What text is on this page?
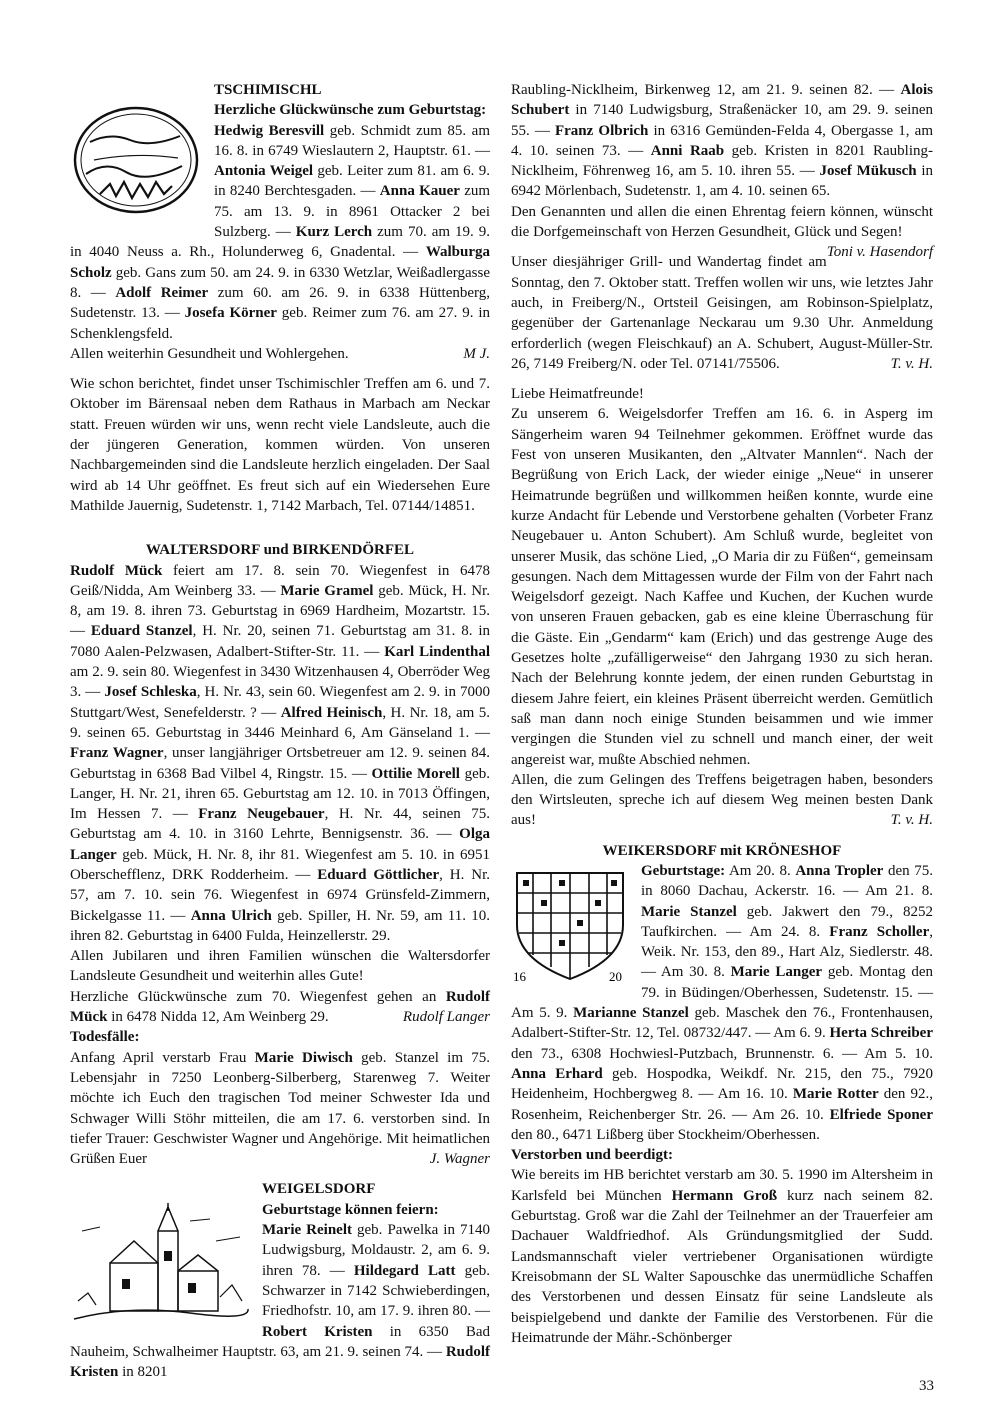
TSCHIMISCHL
Herzliche Glückwünsche zum Geburtstag:

Hedwig Beresvill geb. Schmidt zum 85. am 16. 8. in 6749 Wieslautern 2, Hauptstr. 61. — Antonia Weigel geb. Leiter zum 81. am 6. 9. in 8240 Berchtesgaden. — Anna Kauer zum 75. am 13. 9. in 8961 Ottacker 2 bei Sulzberg. — Kurz Lerch zum 70. am 19. 9. in 4040 Neuss a. Rh., Holunderweg 6, Gnadental. — Walburga Scholz geb. Gans zum 50. am 24. 9. in 6330 Wetzlar, Weißadlergasse 8. — Adolf Reimer zum 60. am 26. 9. in 6338 Hüttenberg, Sudetenstr. 13. — Josefa Körner geb. Reimer zum 76. am 27. 9. in Schenklengsfeld.

Allen weiterhin Gesundheit und Wohlergehen.	M J.

Wie schon berichtet, findet unser Tschimischler Treffen am 6. und 7. Oktober im Bärensaal neben dem Rathaus in Marbach am Neckar statt. Freuen würden wir uns, wenn recht viele Landsleute, auch die der jüngeren Generation, kommen würden. Von unseren Nachbargemeinden sind die Landsleute herzlich eingeladen. Der Saal wird ab 14 Uhr geöffnet. Es freut sich auf ein Wiedersehen Eure Mathilde Jauernig, Sudetenstr. 1, 7142 Marbach, Tel. 07144/14851.

WALTERSDORF und BIRKENDÖRFEL

Rudolf Mück feiert am 17. 8. sein 70. Wiegenfest in 6478 Geiß/Nidda, Am Weinberg 33. — Marie Gramel geb. Mück, H. Nr. 8, am 19. 8. ihren 73. Geburtstag in 6969 Hardheim, Mozartstr. 15. — Eduard Stanzel, H. Nr. 20, seinen 71. Geburtstag am 31. 8. in 7080 Aalen-Pelzwasen, Adalbert-Stifter-Str. 11. — Karl Lindenthal am 2. 9. sein 80. Wiegenfest in 3430 Witzenhausen 4, Oberröder Weg 3. — Josef Schleska, H. Nr. 43, sein 60. Wiegenfest am 2. 9. in 7000 Stuttgart/West, Senefelderstr. ? — Alfred Heinisch, H. Nr. 18, am 5. 9. seinen 65. Geburtstag in 3446 Meinhard 6, Am Gänseland 1. — Franz Wagner, unser langjähriger Ortsbetreuer am 12. 9. seinen 84. Geburtstag in 6368 Bad Vilbel 4, Ringstr. 15. — Ottilie Morell geb. Langer, H. Nr. 21, ihren 65. Geburtstag am 12. 10. in 7013 Öffingen, Im Hessen 7. — Franz Neugebauer, H. Nr. 44, seinen 75. Geburtstag am 4. 10. in 3160 Lehrte, Bennigsenstr. 36. — Olga Langer geb. Mück, H. Nr. 8, ihr 81. Wiegenfest am 5. 10. in 6951 Oberschefflenz, DRK Rodderheim. — Eduard Göttlicher, H. Nr. 57, am 7. 10. sein 76. Wiegenfest in 6974 Grünsfeld-Zimmern, Bickelgasse 11. — Anna Ulrich geb. Spiller, H. Nr. 59, am 11. 10. ihren 82. Geburtstag in 6400 Fulda, Heinzellerstr. 29.

Allen Jubilaren und ihren Familien wünschen die Waltersdorfer Landsleute Gesundheit und weiterhin alles Gute!

Herzliche Glückwünsche zum 70. Wiegenfest gehen an Rudolf Mück in 6478 Nidda 12, Am Weinberg 29.	Rudolf Langer

Todesfälle:

Anfang April verstarb Frau Marie Diwisch geb. Stanzel im 75. Lebensjahr in 7250 Leonberg-Silberberg, Starenweg 7. Weiter möchte ich Euch den tragischen Tod meiner Schwester Ida und Schwager Willi Stöhr mitteilen, die am 17. 6. verstorben sind. In tiefer Trauer: Geschwister Wagner und Angehörige. Mit heimatlichen Grüßen Euer	J. Wagner

WEIGELSDORF
Geburtstage können feiern:

Marie Reinelt geb. Pawelka in 7140 Ludwigsburg, Moldaustr. 2, am 6. 9. ihren 78. — Hildegard Latt geb. Schwarzer in 7142 Schwieberdingen, Friedhofstr. 10, am 17. 9. ihren 80. — Robert Kristen in 6350 Bad Nauheim, Schwalheimer Hauptstr. 63, am 21. 9. seinen 74. — Rudolf Kristen in 8201

Raubling-Nicklheim, Birkenweg 12, am 21. 9. seinen 82. — Alois Schubert in 7140 Ludwigsburg, Straßenäcker 10, am 29. 9. seinen 55. — Franz Olbrich in 6316 Gemünden-Felda 4, Obergasse 1, am 4. 10. seinen 73. — Anni Raab geb. Kristen in 8201 Raubling-Nicklheim, Föhrenweg 16, am 5. 10. ihren 55. — Josef Mükusch in 6942 Mörlenbach, Sudetenstr. 1, am 4. 10. seinen 65.

Den Genannten und allen die einen Ehrentag feiern können, wünscht die Dorfgemeinschaft von Herzen Gesundheit, Glück und Segen!
Toni v. Hasendorf

Unser diesjähriger Grill- und Wandertag findet am Sonntag, den 7. Oktober statt. Treffen wollen wir uns, wie letztes Jahr auch, in Freiberg/N., Ortsteil Geisingen, am Robinson-Spielplatz, gegenüber der Gartenanlage Neckarau um 9.30 Uhr. Anmeldung erforderlich (wegen Fleischkauf) an A. Schubert, August-Müller-Str. 26, 7149 Freiberg/N. oder Tel. 07141/75506.	T. v. H.

Liebe Heimatfreunde!

Zu unserem 6. Weigelsdorfer Treffen am 16. 6. in Asperg im Sängerheim waren 94 Teilnehmer gekommen. Eröffnet wurde das Fest von unseren Musikanten, den „Altvater Mannlen“. Nach der Begrüßung von Erich Lack, der wieder einige „Neue“ in unserer Heimatrunde begrüßen und willkommen heißen konnte, wurde eine kurze Andacht für Lebende und Verstorbene gehalten (Vorbeter Franz Neugebauer u. Anton Schubert). Am Schluß wurde, begleitet von unserer Musik, das schöne Lied, „O Maria dir zu Füßen“, gemeinsam gesungen. Nach dem Mittagessen wurde der Film von der Fahrt nach Weigelsdorf gezeigt. Nach Kaffee und Kuchen, der Kuchen wurde von unseren Frauen gebacken, gab es eine kleine Überraschung für die Gäste. Ein „Gendarm“ kam (Erich) und das gestrenge Auge des Gesetzes holte „zufälligerweise“ den Jahrgang 1930 zu sich heran. Nach der Belehrung konnte jedem, der einen runden Geburtstag in diesem Jahre feiert, ein kleines Präsent überreicht werden. Gemütlich saß man dann noch einige Stunden beisammen und wie immer vergingen die Stunden viel zu schnell und manch einer, der weit angereist war, mußte Abschied nehmen.

Allen, die zum Gelingen des Treffens beigetragen haben, besonders den Wirtsleuten, spreche ich auf diesem Weg meinen besten Dank aus!	T. v. H.

WEIKERSDORF mit KRÖNESHOF
16	20

Geburtstage: Am 20. 8. Anna Tropler den 75. in 8060 Dachau, Ackerstr. 16. — Am 21. 8. Marie Stanzel geb. Jakwert den 79., 8252 Taufkirchen. — Am 24. 8. Franz Scholler, Weik. Nr. 153, den 89., Hart Alz, Siedlerstr. 48. — Am 30. 8. Marie Langer geb. Montag den 79. in Büdingen/Oberhessen, Sudetenstr. 15. — Am 5. 9. Marianne Stanzel geb. Maschek den 76., Frontenhausen, Adalbert-Stifter-Str. 12, Tel. 08732/447. — Am 6. 9. Herta Schreiber den 73., 6308 Hochwiesl-Putzbach, Brunnenstr. 6. — Am 5. 10. Anna Erhard geb. Hospodka, Weikdf. Nr. 215, den 75., 7920 Heidenheim, Hochbergweg 8. — Am 16. 10. Marie Rotter den 92., Rosenheim, Reichenberger Str. 26. — Am 26. 10. Elfriede Sponer den 80., 6471 Lißberg über Stockheim/Oberhessen.

Verstorben und beerdigt:

Wie bereits im HB berichtet verstarb am 30. 5. 1990 im Altersheim in Karlsfeld bei München Hermann Groß kurz nach seinem 82. Geburtstag. Groß war die Zahl der Teilnehmer an der Trauerfeier am Dachauer Waldfriedhof. Als Gründungsmitglied der Sudd. Landsmannschaft vieler vertriebener Organisationen würdigte Kreisobmann der SL Walter Sapouschke das unermüdliche Schaffen des Verstorbenen und dessen Einsatz für seine Landsleute als beispielgebend und dankte der Familie des Verstorbenen. Für die Heimatrunde der Mähr.-Schönberger

33
